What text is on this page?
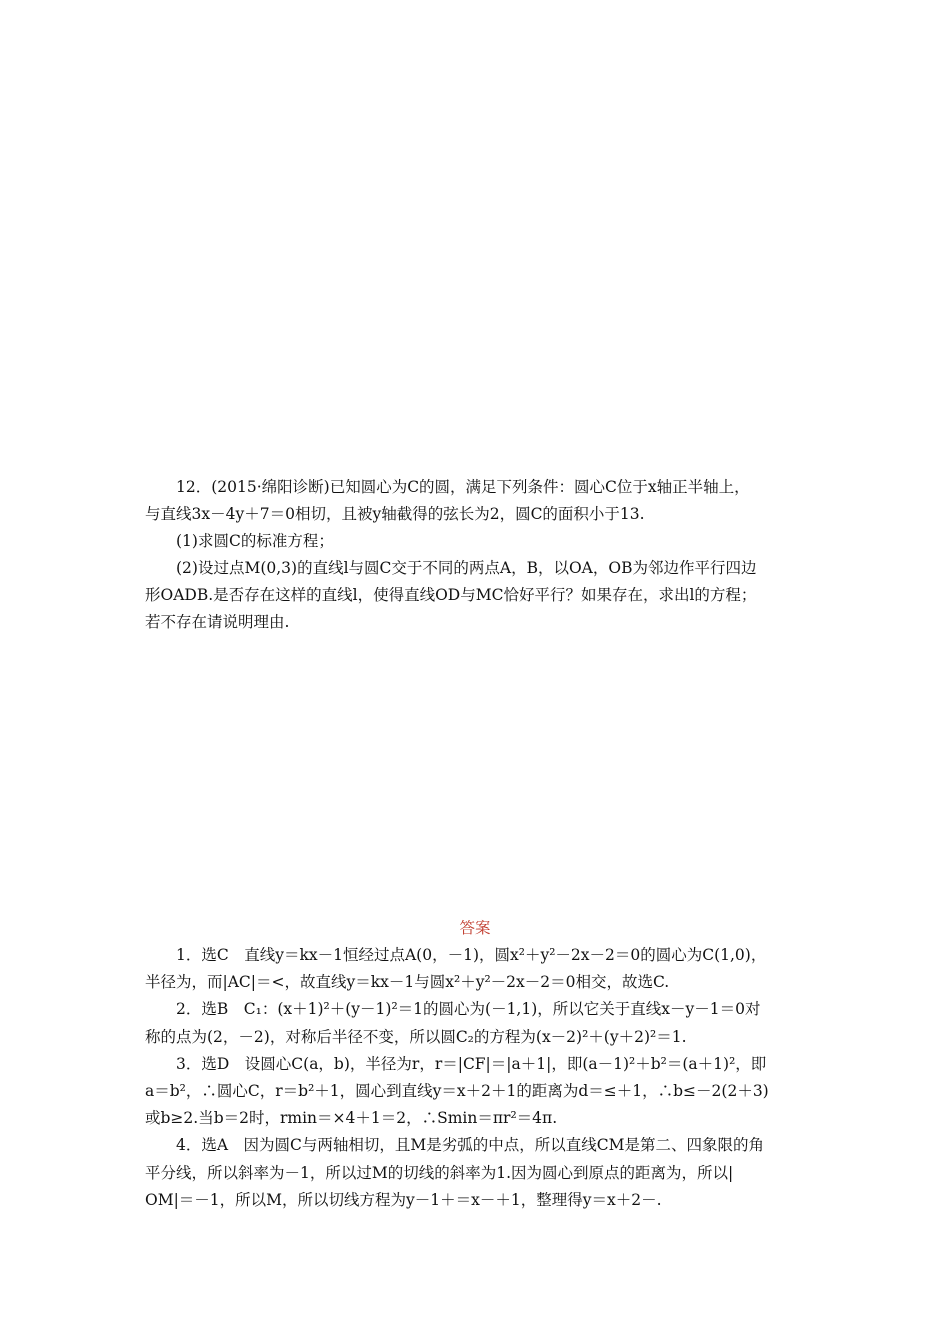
12．(2015·绵阳诊断)已知圆心为C的圆，满足下列条件：圆心C位于x轴正半轴上，

与直线3x－4y＋7＝0相切，且被y轴截得的弦长为2，圆C的面积小于13.

(1)求圆C的标准方程；

(2)设过点M(0,3)的直线l与圆C交于不同的两点A，B，以OA，OB为邻边作平行四边

形OADB.是否存在这样的直线l，使得直线OD与MC恰好平行？如果存在，求出l的方程；

若不存在请说明理由.

答案

1．选C　直线y＝kx－1恒经过点A(0，－1)，圆x²＋y²－2x－2＝0的圆心为C(1,0)，

半径为，而|AC|＝<，故直线y＝kx－1与圆x²＋y²－2x－2＝0相交，故选C.

2．选B　C₁：(x＋1)²＋(y－1)²＝1的圆心为(－1,1)，所以它关于直线x－y－1＝0对

称的点为(2，－2)，对称后半径不变，所以圆C₂的方程为(x－2)²＋(y＋2)²＝1.

3．选D　设圆心C(a，b)，半径为r，r＝|CF|＝|a＋1|，即(a－1)²＋b²＝(a＋1)²，即

a＝b²，∴圆心C，r＝b²＋1，圆心到直线y＝x＋2＋1的距离为d＝≤＋1，∴b≤－2(2＋3)

或b≥2.当b＝2时，rmin＝×4＋1＝2，∴Smin＝πr²＝4π.

4．选A　因为圆C与两轴相切，且M是劣弧的中点，所以直线CM是第二、四象限的角

平分线，所以斜率为－1，所以过M的切线的斜率为1.因为圆心到原点的距离为，所以|

OM|＝－1，所以M，所以切线方程为y－1＋＝x－＋1，整理得y＝x＋2－.
